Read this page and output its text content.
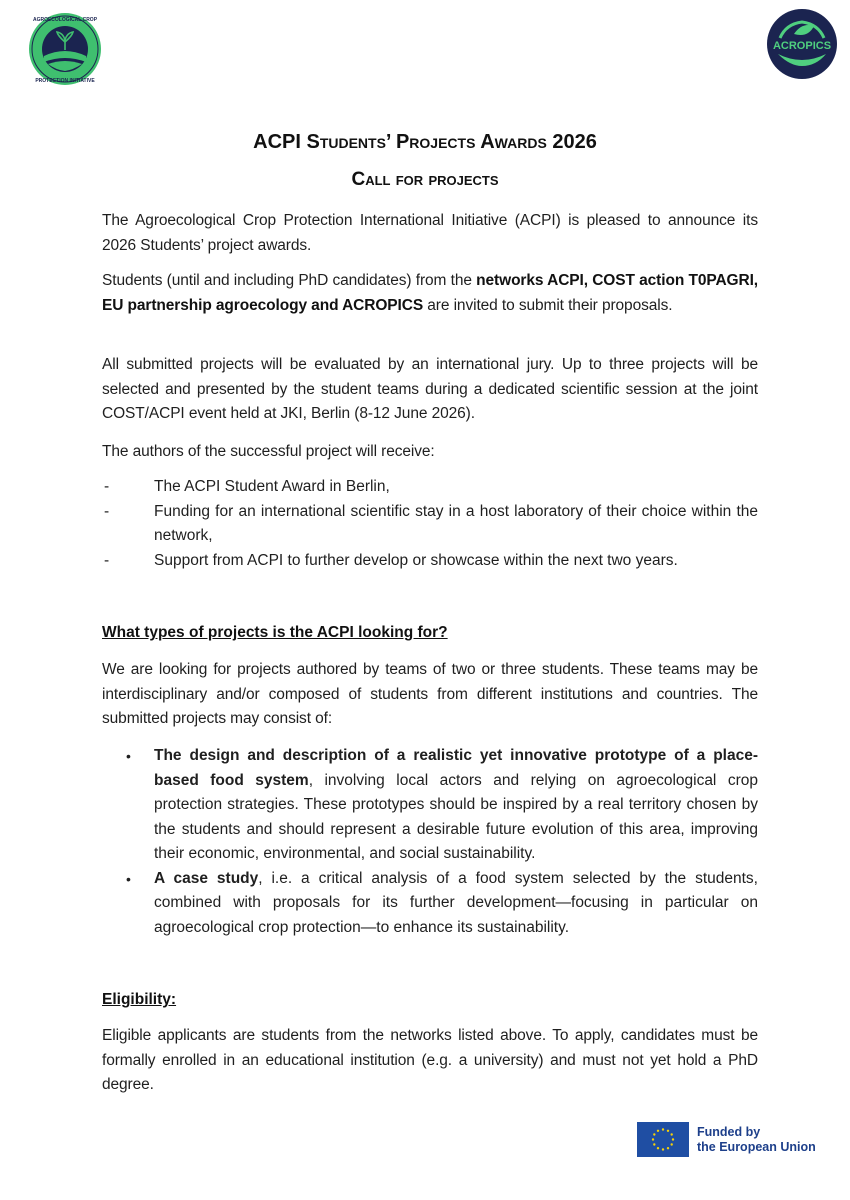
AGROECOLOGICAL CROP
PROTECTION INITIATIVE
ACROPICS
ACPI Students’ Projects Awards 2026
Call for projects
The Agroecological Crop Protection International Initiative (ACPI) is pleased to announce its 2026 Students’ project awards.
Students (until and including PhD candidates) from the networks ACPI, COST action T0PAGRI, EU partnership agroecology and ACROPICS are invited to submit their proposals.
All submitted projects will be evaluated by an international jury. Up to three projects will be selected and presented by the student teams during a dedicated scientific session at the joint COST/ACPI event held at JKI, Berlin (8-12 June 2026).
The authors of the successful project will receive:
-	The ACPI Student Award in Berlin,
-	Funding for an international scientific stay in a host laboratory of their choice within the network,
-	Support from ACPI to further develop or showcase within the next two years.
What types of projects is the ACPI looking for?
We are looking for projects authored by teams of two or three students. These teams may be interdisciplinary and/or composed of students from different institutions and countries. The submitted projects may consist of:
• The design and description of a realistic yet innovative prototype of a place-based food system, involving local actors and relying on agroecological crop protection strategies. These prototypes should be inspired by a real territory chosen by the students and should represent a desirable future evolution of this area, improving their economic, environmental, and social sustainability.
• A case study, i.e. a critical analysis of a food system selected by the students, combined with proposals for its further development—focusing in particular on agroecological crop protection—to enhance its sustainability.
Eligibility:
Eligible applicants are students from the networks listed above. To apply, candidates must be formally enrolled in an educational institution (e.g. a university) and must not yet hold a PhD degree.
Funded by
the European Union
